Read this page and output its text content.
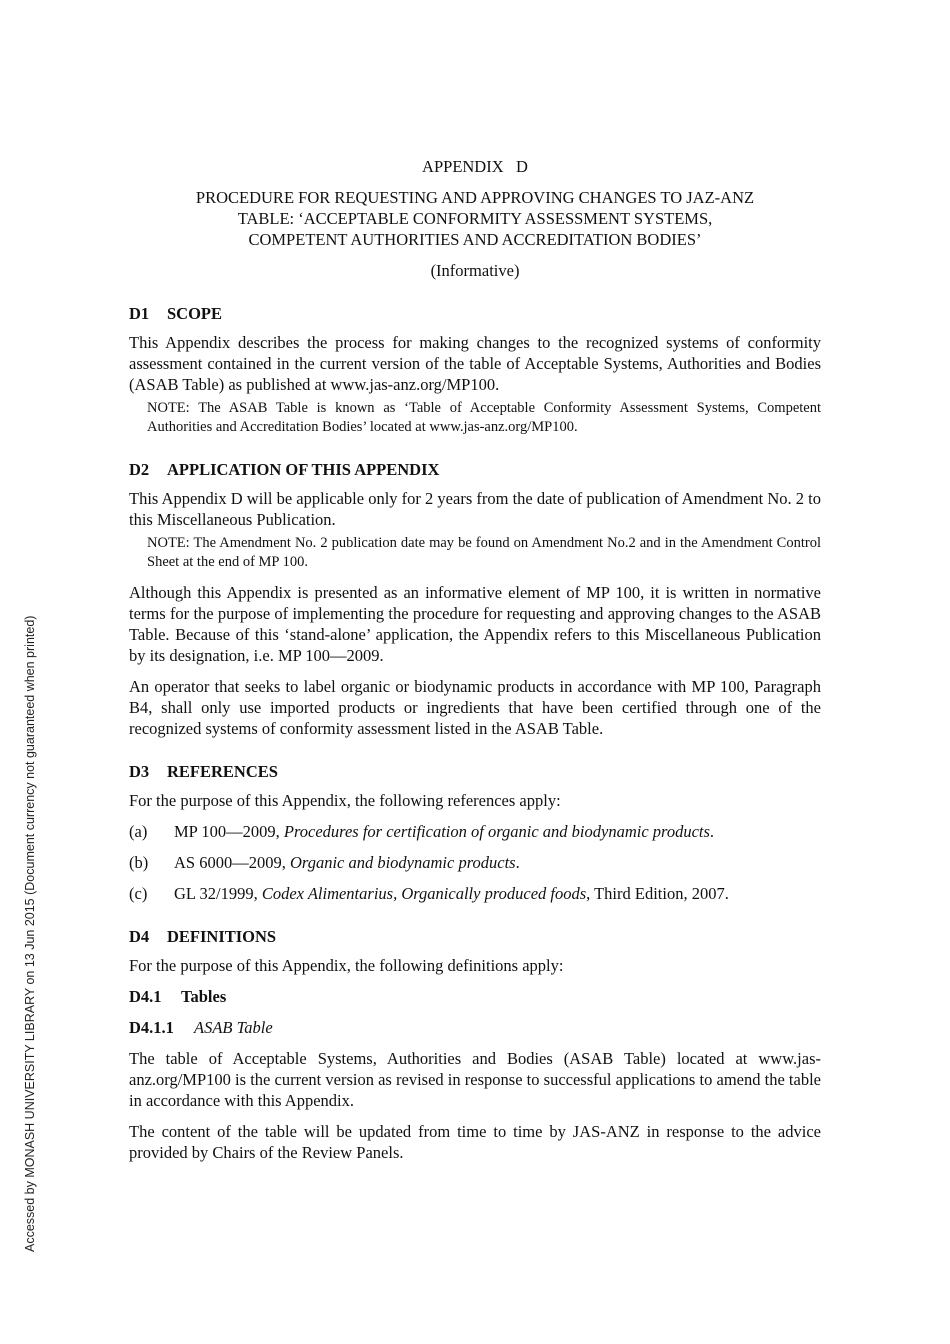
Accessed by MONASH UNIVERSITY LIBRARY on 13 Jun 2015 (Document currency not guaranteed when printed)
APPENDIX   D
PROCEDURE FOR REQUESTING AND APPROVING CHANGES TO JAZ-ANZ
TABLE: ‘ACCEPTABLE CONFORMITY ASSESSMENT SYSTEMS,
COMPETENT AUTHORITIES AND ACCREDITATION BODIES’
(Informative)
D1 SCOPE

This Appendix describes the process for making changes to the recognized systems of conformity assessment contained in the current version of the table of Acceptable Systems, Authorities and Bodies (ASAB Table) as published at www.jas-anz.org/MP100.

NOTE: The ASAB Table is known as ‘Table of Acceptable Conformity Assessment Systems, Competent Authorities and Accreditation Bodies’ located at www.jas-anz.org/MP100.
D2 APPLICATION OF THIS APPENDIX

This Appendix D will be applicable only for 2 years from the date of publication of Amendment No. 2 to this Miscellaneous Publication.

NOTE: The Amendment No. 2 publication date may be found on Amendment No.2 and in the Amendment Control Sheet at the end of MP 100.

Although this Appendix is presented as an informative element of MP 100, it is written in normative terms for the purpose of implementing the procedure for requesting and approving changes to the ASAB Table. Because of this ‘stand-alone’ application, the Appendix refers to this Miscellaneous Publication by its designation, i.e. MP 100—2009.

An operator that seeks to label organic or biodynamic products in accordance with MP 100, Paragraph B4, shall only use imported products or ingredients that have been certified through one of the recognized systems of conformity assessment listed in the ASAB Table.

D3 REFERENCES

For the purpose of this Appendix, the following references apply:

(a)	MP 100—2009, Procedures for certification of organic and biodynamic products.
(b)	AS 6000—2009, Organic and biodynamic products.
(c)	GL 32/1999, Codex Alimentarius, Organically produced foods, Third Edition, 2007.
D4 DEFINITIONS

For the purpose of this Appendix, the following definitions apply:

D4.1 Tables
D4.1.1 ASAB Table

The table of Acceptable Systems, Authorities and Bodies (ASAB Table) located at www.jas-anz.org/MP100 is the current version as revised in response to successful applications to amend the table in accordance with this Appendix.

The content of the table will be updated from time to time by JAS-ANZ in response to the advice provided by Chairs of the Review Panels.
